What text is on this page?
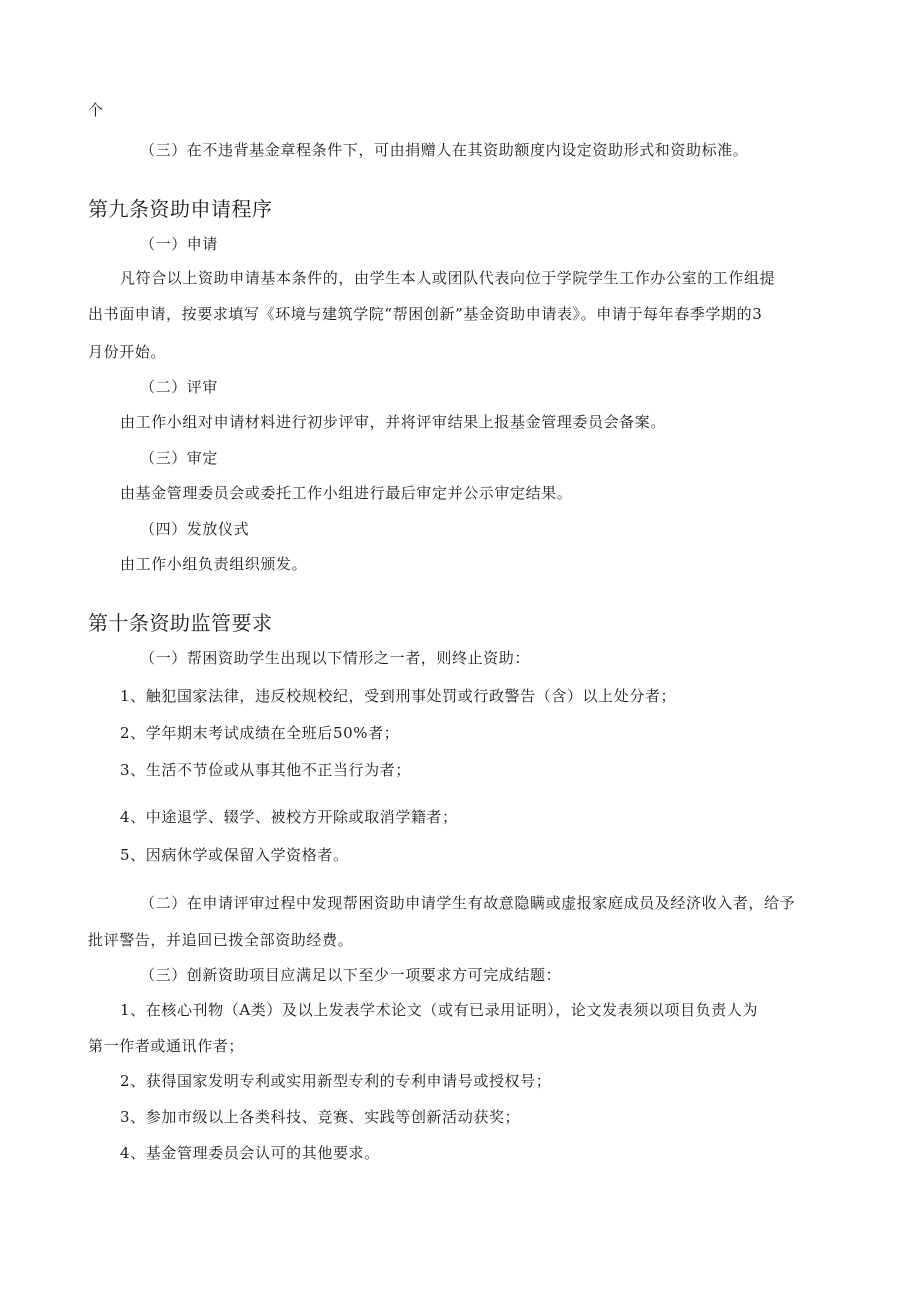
个
（三）在不违背基金章程条件下，可由捐赠人在其资助额度内设定资助形式和资助标准。
第九条资助申请程序
（一）申请
凡符合以上资助申请基本条件的，由学生本人或团队代表向位于学院学生工作办公室的工作组提
出书面申请，按要求填写《环境与建筑学院“帮困创新”基金资助申请表》。申请于每年春季学期的3
月份开始。
（二）评审
由工作小组对申请材料进行初步评审，并将评审结果上报基金管理委员会备案。
（三）审定
由基金管理委员会或委托工作小组进行最后审定并公示审定结果。
（四）发放仪式
由工作小组负责组织颁发。
第十条资助监管要求
（一）帮困资助学生出现以下情形之一者，则终止资助：
1、触犯国家法律，违反校规校纪，受到刑事处罚或行政警告（含）以上处分者；
2、学年期末考试成绩在全班后50%者；
3、生活不节俭或从事其他不正当行为者；
4、中途退学、辍学、被校方开除或取消学籍者；
5、因病休学或保留入学资格者。
（二）在申请评审过程中发现帮困资助申请学生有故意隐瞒或虚报家庭成员及经济收入者，给予
批评警告，并追回已拨全部资助经费。
（三）创新资助项目应满足以下至少一项要求方可完成结题：
1、在核心刊物（A类）及以上发表学术论文（或有已录用证明），论文发表须以项目负责人为
第一作者或通讯作者；
2、获得国家发明专利或实用新型专利的专利申请号或授权号；
3、参加市级以上各类科技、竞赛、实践等创新活动获奖；
4、基金管理委员会认可的其他要求。
